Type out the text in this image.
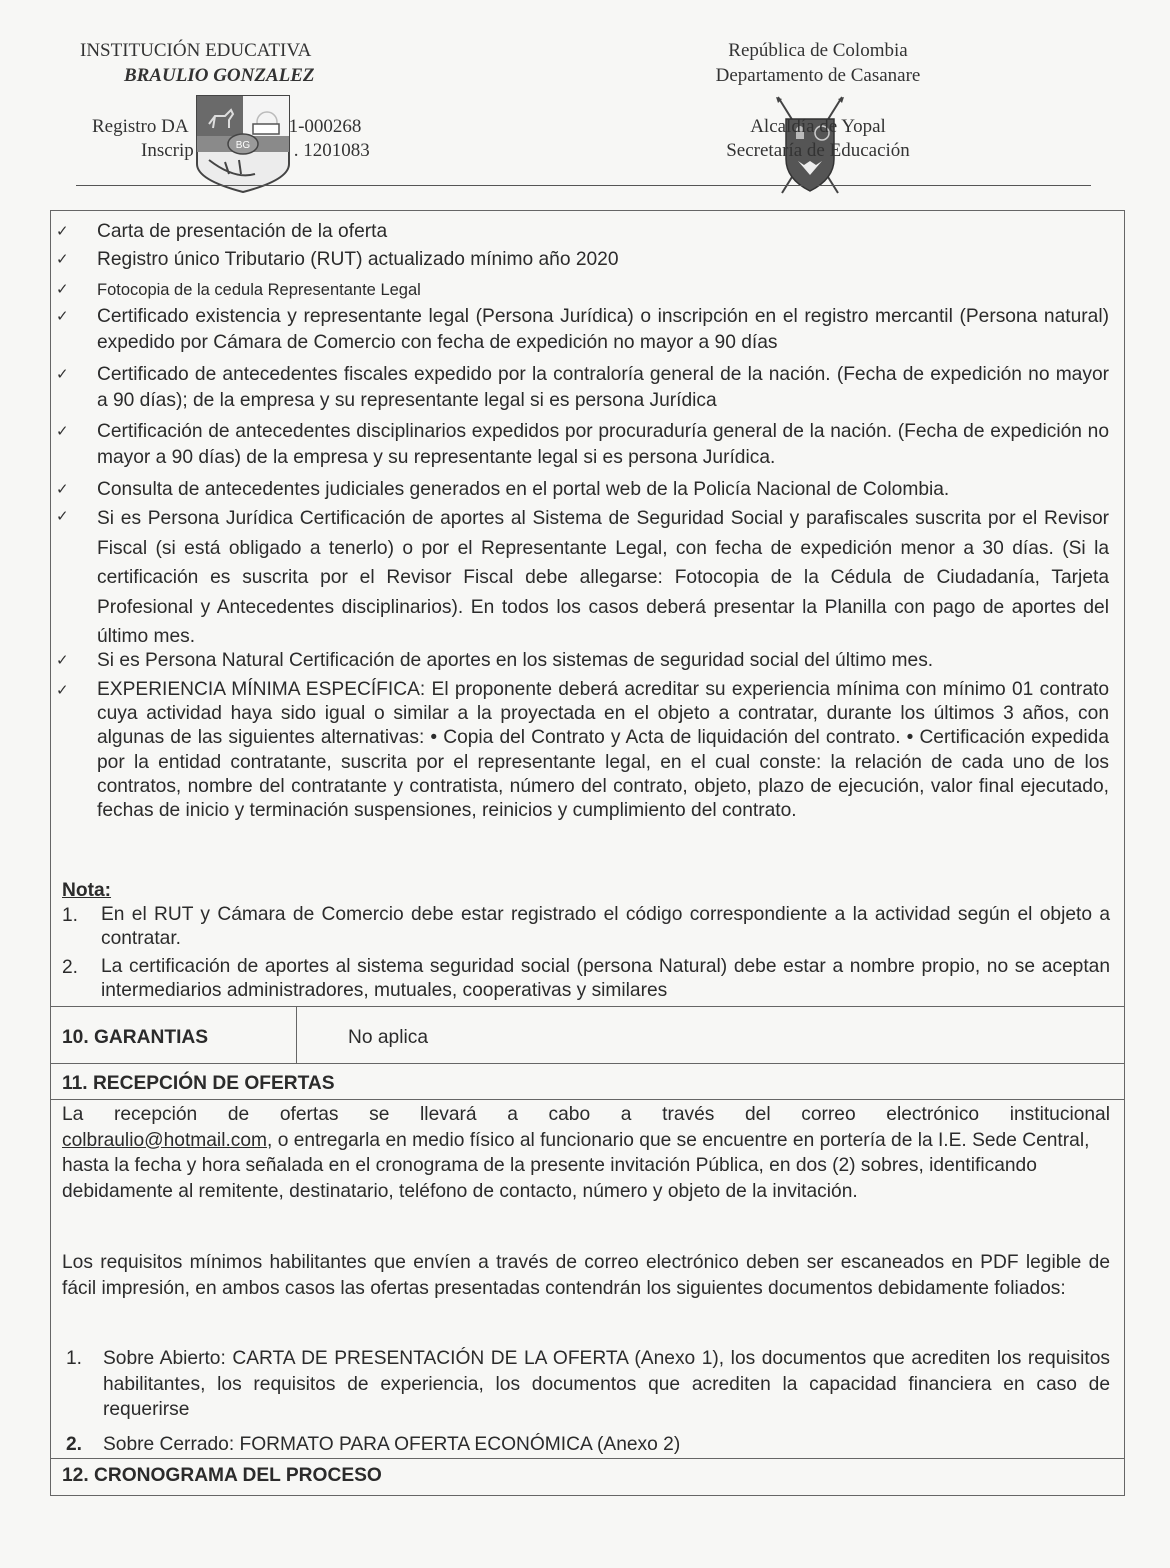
INSTITUCIÓN EDUCATIVA
BRAULIO GONZALEZ
Registro DA	1-000268
Inscrip	. 1201083
BG
República de Colombia
Departamento de Casanare
Alcaldía de Yopal
Secretaría de Educación
✓ Carta de presentación de la oferta
✓ Registro único Tributario (RUT) actualizado mínimo año 2020
✓ Fotocopia de la cedula Representante Legal
✓ Certificado existencia y representante legal (Persona Jurídica) o inscripción en el registro mercantil (Persona natural) expedido por Cámara de Comercio con fecha de expedición no mayor a 90 días
✓ Certificado de antecedentes fiscales expedido por la contraloría general de la nación. (Fecha de expedición no mayor a 90 días); de la empresa y su representante legal si es persona Jurídica
✓ Certificación de antecedentes disciplinarios expedidos por procuraduría general de la nación. (Fecha de expedición no mayor a 90 días) de la empresa y su representante legal si es persona Jurídica.
✓ Consulta de antecedentes judiciales generados en el portal web de la Policía Nacional de Colombia.
✓ Si es Persona Jurídica Certificación de aportes al Sistema de Seguridad Social y parafiscales suscrita por el Revisor Fiscal (si está obligado a tenerlo) o por el Representante Legal, con fecha de expedición menor a 30 días. (Si la certificación es suscrita por el Revisor Fiscal debe allegarse: Fotocopia de la Cédula de Ciudadanía, Tarjeta Profesional y Antecedentes disciplinarios). En todos los casos deberá presentar la Planilla con pago de aportes del último mes.
✓ Si es Persona Natural Certificación de aportes en los sistemas de seguridad social del último mes.
✓ EXPERIENCIA MÍNIMA ESPECÍFICA: El proponente deberá acreditar su experiencia mínima con mínimo 01 contrato cuya actividad haya sido igual o similar a la proyectada en el objeto a contratar, durante los últimos 3 años, con algunas de las siguientes alternativas: • Copia del Contrato y Acta de liquidación del contrato. • Certificación expedida por la entidad contratante, suscrita por el representante legal, en el cual conste: la relación de cada uno de los contratos, nombre del contratante y contratista, número del contrato, objeto, plazo de ejecución, valor final ejecutado, fechas de inicio y terminación suspensiones, reinicios y cumplimiento del contrato.
Nota:
1. En el RUT y Cámara de Comercio debe estar registrado el código correspondiente a la actividad según el objeto a contratar.
2. La certificación de aportes al sistema seguridad social (persona Natural) debe estar a nombre propio, no se aceptan intermediarios administradores, mutuales, cooperativas y similares
10. GARANTIAS	No aplica
11. RECEPCIÓN DE OFERTAS
La recepción de ofertas se llevará a cabo a través del correo electrónico institucional
colbraulio@hotmail.com, o entregarla en medio físico al funcionario que se encuentre en portería de la I.E. Sede Central, hasta la fecha y hora señalada en el cronograma de la presente invitación Pública, en dos (2) sobres, identificando debidamente al remitente, destinatario, teléfono de contacto, número y objeto de la invitación.
Los requisitos mínimos habilitantes que envíen a través de correo electrónico deben ser escaneados en PDF legible de fácil impresión, en ambos casos las ofertas presentadas contendrán los siguientes documentos debidamente foliados:
1. Sobre Abierto: CARTA DE PRESENTACIÓN DE LA OFERTA (Anexo 1), los documentos que acrediten los requisitos habilitantes, los requisitos de experiencia, los documentos que acrediten la capacidad financiera en caso de requerirse
2. Sobre Cerrado: FORMATO PARA OFERTA ECONÓMICA (Anexo 2)
12. CRONOGRAMA DEL PROCESO
